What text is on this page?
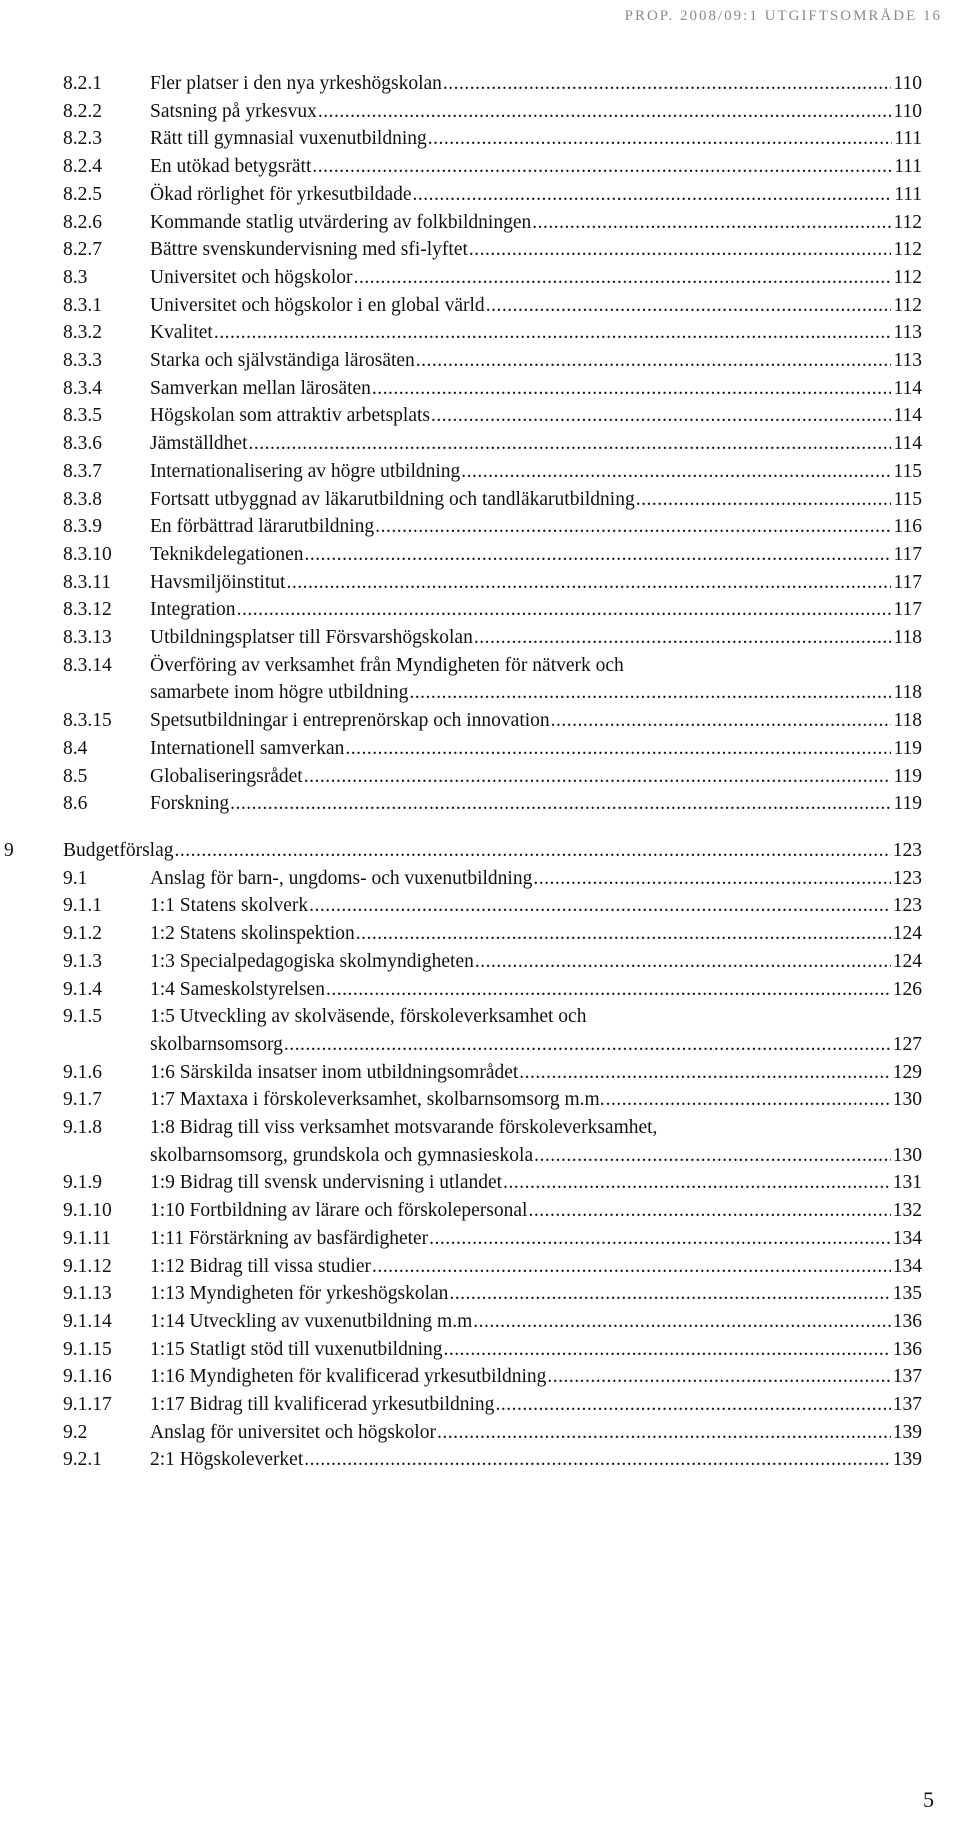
PROP. 2008/09:1 UTGIFTSOMRÅDE 16
8.2.1 Fler platser i den nya yrkeshögskolan .....	110
8.2.2 Satsning på yrkesvux .....	110
8.2.3 Rätt till gymnasial vuxenutbildning .....	111
8.2.4 En utökad betygsrätt .....	111
8.2.5 Ökad rörlighet för yrkesutbildade .....	111
8.2.6 Kommande statlig utvärdering av folkbildningen .....	112
8.2.7 Bättre svenskundervisning med sfi-lyftet .....	112
8.3	Universitet och högskolor .....	112
8.3.1 Universitet och högskolor i en global värld .....	112
8.3.2 Kvalitet .....	113
8.3.3 Starka och självständiga lärosäten .....	113
8.3.4 Samverkan mellan lärosäten .....	114
8.3.5 Högskolan som attraktiv arbetsplats .....	114
8.3.6 Jämställdhet .....	114
8.3.7 Internationalisering av högre utbildning .....	115
8.3.8 Fortsatt utbyggnad av läkarutbildning och tandläkarutbildning .....	115
8.3.9 En förbättrad lärarutbildning .....	116
8.3.10 Teknikdelegationen .....	117
8.3.11 Havsmiljöinstitut .....	117
8.3.12 Integration .....	117
8.3.13 Utbildningsplatser till Försvarshögskolan .....	118
8.3.14 Överföring av verksamhet från Myndigheten för nätverk och
samarbete inom högre utbildning .....	118
8.3.15 Spetsutbildningar i entreprenörskap och innovation .....	118
8.4	Internationell samverkan .....	119
8.5	Globaliseringsrådet .....	119
8.6	Forskning .....	119
9	Budgetförslag .....	123
9.1	Anslag för barn-, ungdoms- och vuxenutbildning .....	123
9.1.1 1:1 Statens skolverk .....	123
9.1.2 1:2 Statens skolinspektion .....	124
9.1.3 1:3 Specialpedagogiska skolmyndigheten .....	124
9.1.4 1:4 Sameskolstyrelsen .....	126
9.1.5 1:5 Utveckling av skolväsende, förskoleverksamhet och
skolbarnsomsorg .....	127
9.1.6 1:6 Särskilda insatser inom utbildningsområdet .....	129
9.1.7 1:7 Maxtaxa i förskoleverksamhet, skolbarnsomsorg m.m. .....	130
9.1.8 1:8 Bidrag till viss verksamhet motsvarande förskoleverksamhet,
skolbarnsomsorg, grundskola och gymnasieskola .....	130
9.1.9 1:9 Bidrag till svensk undervisning i utlandet .....	131
9.1.10 1:10 Fortbildning av lärare och förskolepersonal .....	132
9.1.11 1:11 Förstärkning av basfärdigheter .....	134
9.1.12 1:12 Bidrag till vissa studier .....	134
9.1.13 1:13 Myndigheten för yrkeshögskolan .....	135
9.1.14 1:14 Utveckling av vuxenutbildning m.m .....	136
9.1.15 1:15 Statligt stöd till vuxenutbildning .....	136
9.1.16 1:16 Myndigheten för kvalificerad yrkesutbildning .....	137
9.1.17 1:17 Bidrag till kvalificerad yrkesutbildning .....	137
9.2	Anslag för universitet och högskolor .....	139
9.2.1 2:1 Högskoleverket .....	139
5
